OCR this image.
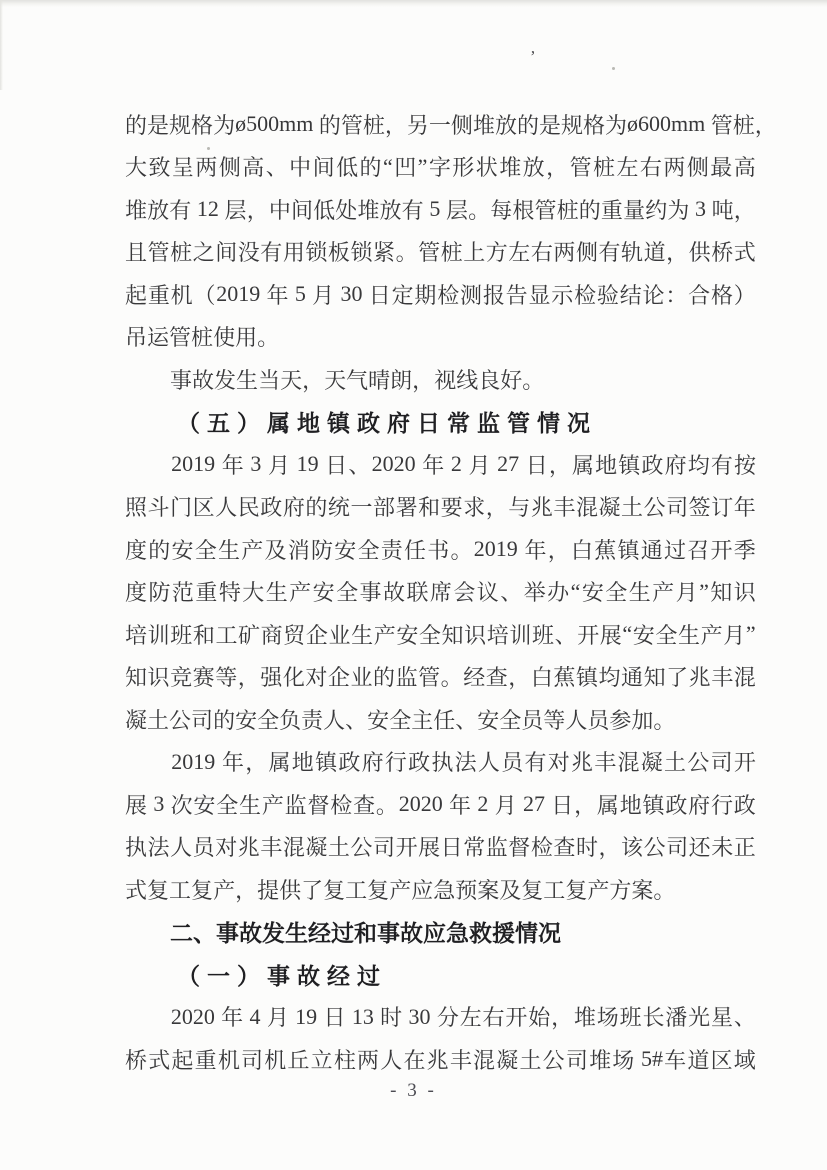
的 是 规 格 为 ø500mm 的 管 桩 ， 另 一 侧 堆 放 的 是 规 格 为 ø600mm 管 桩 ，
大 致 呈 两 侧 高 、 中 间 低 的 “ 凹 ” 字 形 状 堆 放 ， 管 桩 左 右 两 侧 最 高
堆 放 有 12 层 ， 中 间 低 处 堆 放 有 5 层 。 每 根 管 桩 的 重 量 约 为 3 吨 ，
且 管 桩 之 间 没 有 用 锁 板 锁 紧 。 管 桩 上 方 左 右 两 侧 有 轨 道 ， 供 桥 式
起 重 机 （ 2019 年 5 月 30 日 定 期 检 测 报 告 显 示 检 验 结 论 ： 合 格 ）
吊 运 管 桩 使 用 。
事 故 发 生 当 天 ， 天 气 晴 朗 ， 视 线 良 好 。
（ 五 ） 属 地 镇 政 府 日 常 监 管 情 况
2019 年 3 月 19 日 、 2020 年 2 月 27 日 ， 属 地 镇 政 府 均 有 按
照 斗 门 区 人 民 政 府 的 统 一 部 署 和 要 求 ， 与 兆 丰 混 凝 土 公 司 签 订 年
度 的 安 全 生 产 及 消 防 安 全 责 任 书 。 2019 年 ， 白 蕉 镇 通 过 召 开 季
度 防 范 重 特 大 生 产 安 全 事 故 联 席 会 议 、 举 办 “ 安 全 生 产 月 ” 知 识
培 训 班 和 工 矿 商 贸 企 业 生 产 安 全 知 识 培 训 班 、 开 展 “ 安 全 生 产 月 ”
知 识 竞 赛 等 ， 强 化 对 企 业 的 监 管 。 经 查 ， 白 蕉 镇 均 通 知 了 兆 丰 混
凝 土 公 司 的 安 全 负 责 人 、 安 全 主 任 、 安 全 员 等 人 员 参 加 。
2019 年 ， 属 地 镇 政 府 行 政 执 法 人 员 有 对 兆 丰 混 凝 土 公 司 开
展 3 次 安 全 生 产 监 督 检 查 。 2020 年 2 月 27 日 ， 属 地 镇 政 府 行 政
执 法 人 员 对 兆 丰 混 凝 土 公 司 开 展 日 常 监 督 检 查 时 ， 该 公 司 还 未 正
式 复 工 复 产 ， 提 供 了 复 工 复 产 应 急 预 案 及 复 工 复 产 方 案 。
二 、 事 故 发 生 经 过 和 事 故 应 急 救 援 情 况
（ 一 ） 事 故 经 过
2020 年 4 月 19 日 13 时 30 分 左 右 开 始 ， 堆 场 班 长 潘 光 星 、
桥 式 起 重 机 司 机 丘 立 柱 两 人 在 兆 丰 混 凝 土 公 司 堆 场 5# 车 道 区 域
- 3 -
’
